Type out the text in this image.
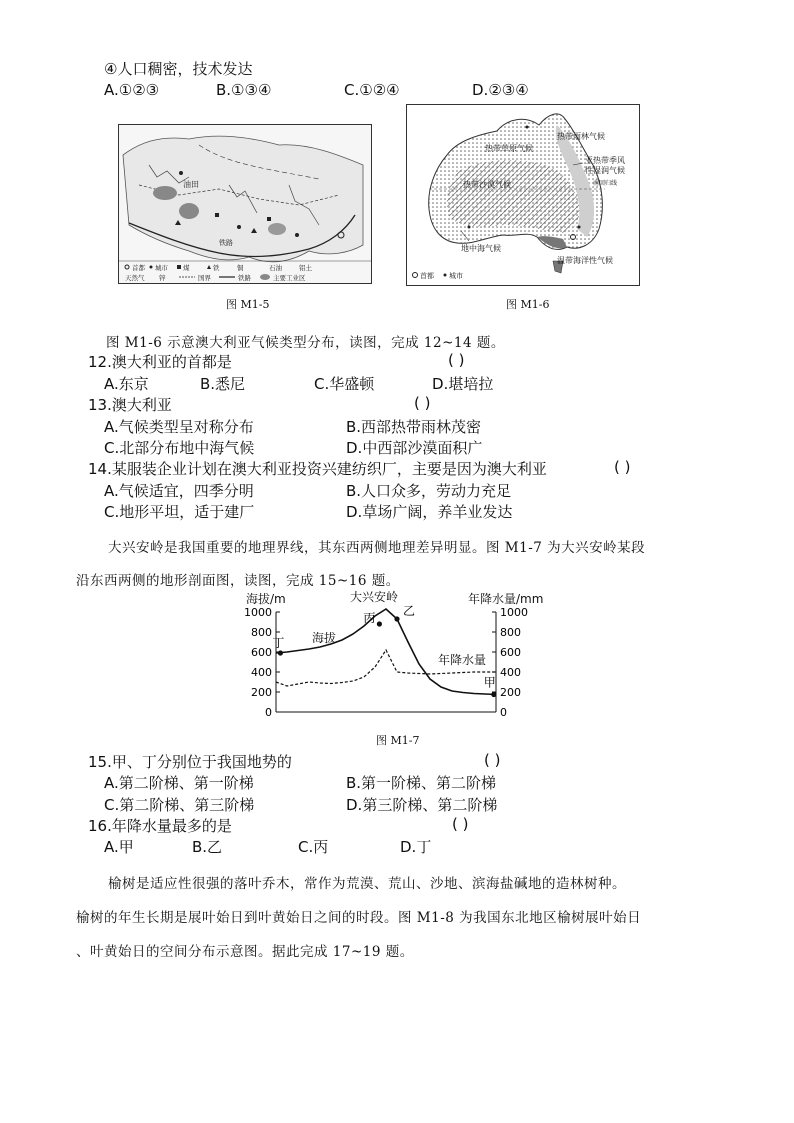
④人口稠密，技术发达
A.①②③	B.①③④	C.①②④	D.②③④
油田
铁路
首都 城市 煤	铁	铜	石油	铝土
天然气 锌	国界	铁路	主要工业区
图 M1-5
热带雨林气候
热带草原气候
亚热带季风
性湿润气候
南回归线
热带沙漠气候
地中海气候
温带海洋性气候
首都 城市
图 M1-6
图 M1-6 示意澳大利亚气候类型分布，读图，完成 12~14 题。
12.澳大利亚的首都是	( )
A.东京	B.悉尼	C.华盛顿	D.堪培拉
13.澳大利亚	( )
A.气候类型呈对称分布	B.西部热带雨林茂密
C.北部分布地中海气候	D.中西部沙漠面积广
14.某服装企业计划在澳大利亚投资兴建纺织厂，主要是因为澳大利亚	( )
A.气候适宜，四季分明	B.人口众多，劳动力充足
C.地形平坦，适于建厂	D.草场广阔，养羊业发达
大兴安岭是我国重要的地理界线，其东西两侧地理差异明显。图 M1-7 为大兴安岭某段
沿东西两侧的地形剖面图，读图，完成 15~16 题。
海拔/m	年降水量/mm
大兴安岭
1000
800
600
400
200
0
1000
800
600
400
200
0
丁
丙 乙
甲
海拔
年降水量
图 M1-7
15.甲、丁分别位于我国地势的	( )
A.第二阶梯、第一阶梯	B.第一阶梯、第二阶梯
C.第二阶梯、第三阶梯	D.第三阶梯、第二阶梯
16.年降水量最多的是	( )
A.甲	B.乙	C.丙	D.丁
榆树是适应性很强的落叶乔木，常作为荒漠、荒山、沙地、滨海盐碱地的造林树种。
榆树的年生长期是展叶始日到叶黄始日之间的时段。图 M1-8 为我国东北地区榆树展叶始日
、叶黄始日的空间分布示意图。据此完成 17~19 题。
